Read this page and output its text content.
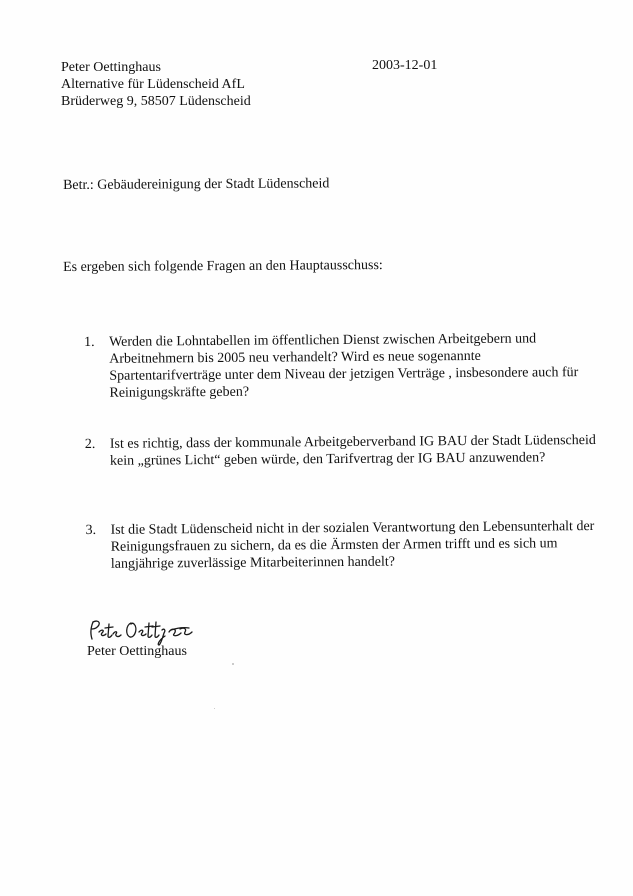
Peter Oettinghaus
Alternative für Lüdenscheid AfL
Brüderweg 9, 58507 Lüdenscheid
2003-12-01
Betr.: Gebäudereinigung der Stadt Lüdenscheid
Es ergeben sich folgende Fragen an den Hauptausschuss:
1. Werden die Lohntabellen im öffentlichen Dienst zwischen Arbeitgebern und
Arbeitnehmern bis 2005 neu verhandelt? Wird es neue sogenannte
Spartentarifverträge unter dem Niveau der jetzigen Verträge , insbesondere auch für
Reinigungskräfte geben?
2. Ist es richtig, dass der kommunale Arbeitgeberverband IG BAU der Stadt Lüdenscheid
kein „grünes Licht“ geben würde, den Tarifvertrag der IG BAU anzuwenden?
3. Ist die Stadt Lüdenscheid nicht in der sozialen Verantwortung den Lebensunterhalt der
Reinigungsfrauen zu sichern, da es die Ärmsten der Armen trifft und es sich um
langjährige zuverlässige Mitarbeiterinnen handelt?
Peter Oettinghaus
